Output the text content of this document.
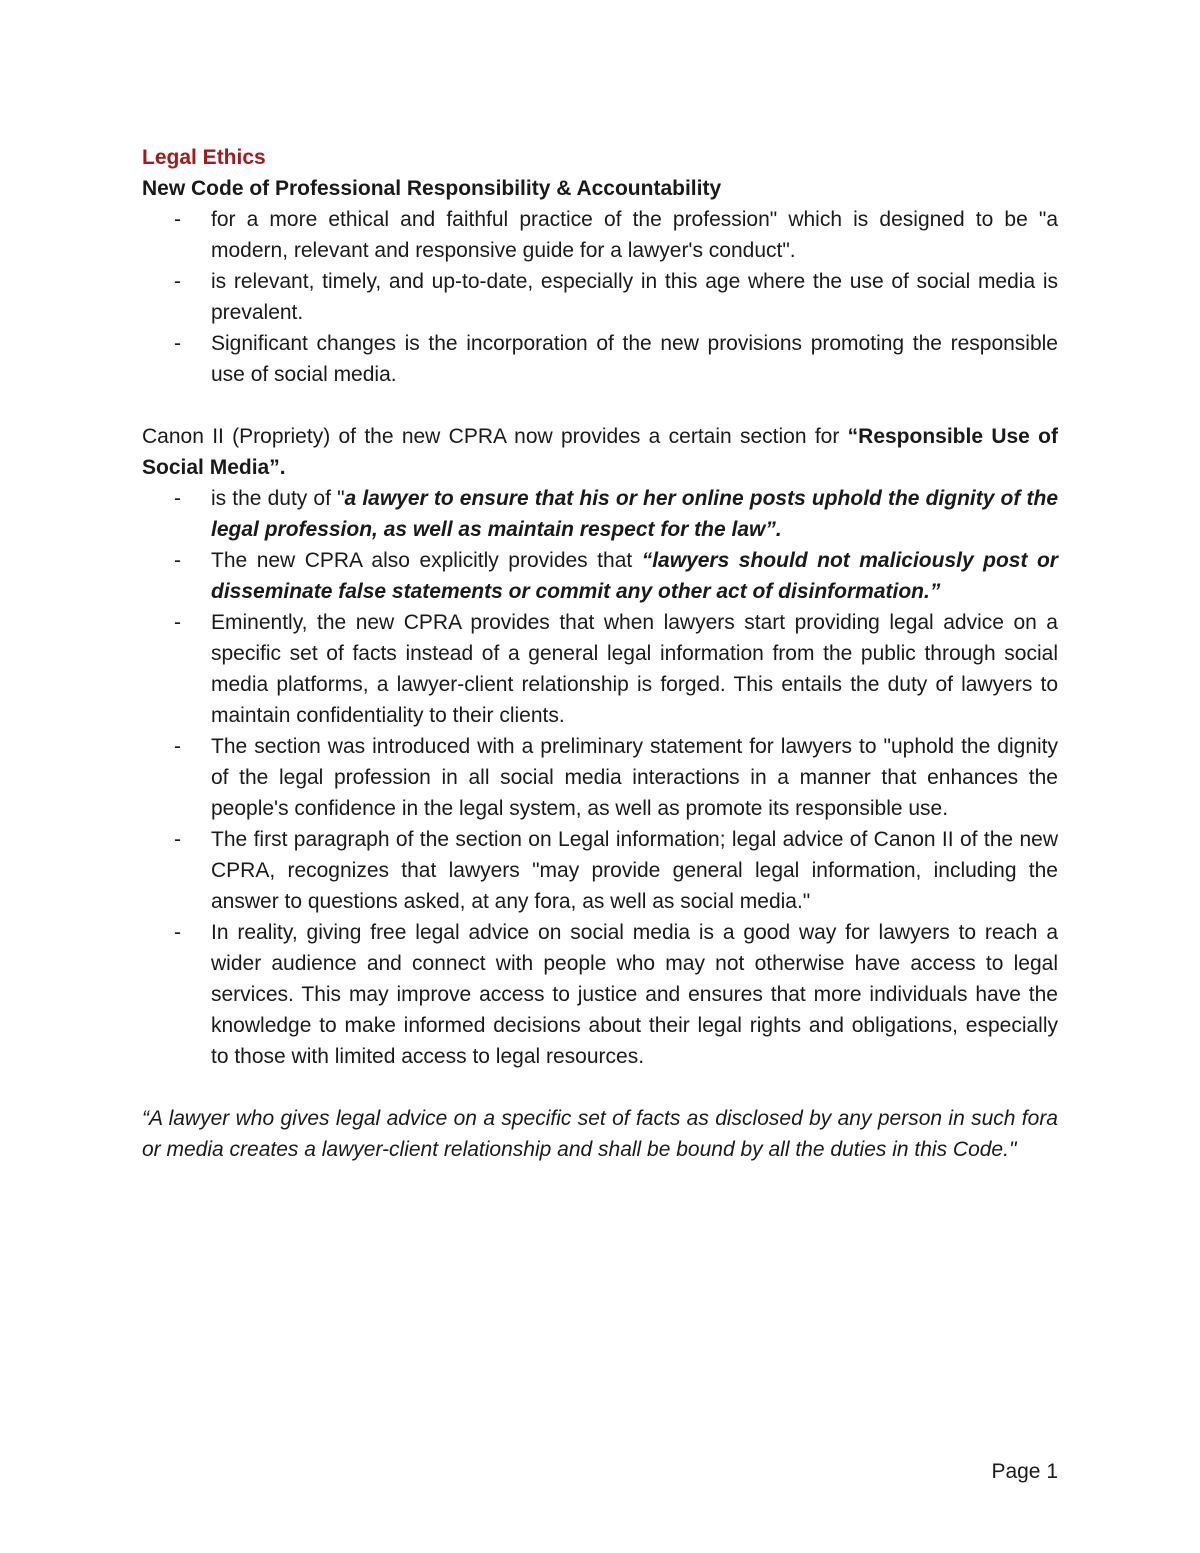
Legal Ethics
New Code of Professional Responsibility & Accountability
- for a more ethical and faithful practice of the profession" which is designed to be "a modern, relevant and responsive guide for a lawyer's conduct".
- is relevant, timely, and up-to-date, especially in this age where the use of social media is prevalent.
- Significant changes is the incorporation of the new provisions promoting the responsible use of social media.

Canon II (Propriety) of the new CPRA now provides a certain section for “Responsible Use of Social Media”.

- is the duty of "a lawyer to ensure that his or her online posts uphold the dignity of the legal profession, as well as maintain respect for the law”.
- The new CPRA also explicitly provides that “lawyers should not maliciously post or disseminate false statements or commit any other act of disinformation.”
- Eminently, the new CPRA provides that when lawyers start providing legal advice on a specific set of facts instead of a general legal information from the public through social media platforms, a lawyer-client relationship is forged. This entails the duty of lawyers to maintain confidentiality to their clients.
- The section was introduced with a preliminary statement for lawyers to "uphold the dignity of the legal profession in all social media interactions in a manner that enhances the people's confidence in the legal system, as well as promote its responsible use.
- The first paragraph of the section on Legal information; legal advice of Canon II of the new CPRA, recognizes that lawyers "may provide general legal information, including the answer to questions asked, at any fora, as well as social media."
- In reality, giving free legal advice on social media is a good way for lawyers to reach a wider audience and connect with people who may not otherwise have access to legal services. This may improve access to justice and ensures that more individuals have the knowledge to make informed decisions about their legal rights and obligations, especially to those with limited access to legal resources.

“A lawyer who gives legal advice on a specific set of facts as disclosed by any person in such fora or media creates a lawyer-client relationship and shall be bound by all the duties in this Code."

Page 1
